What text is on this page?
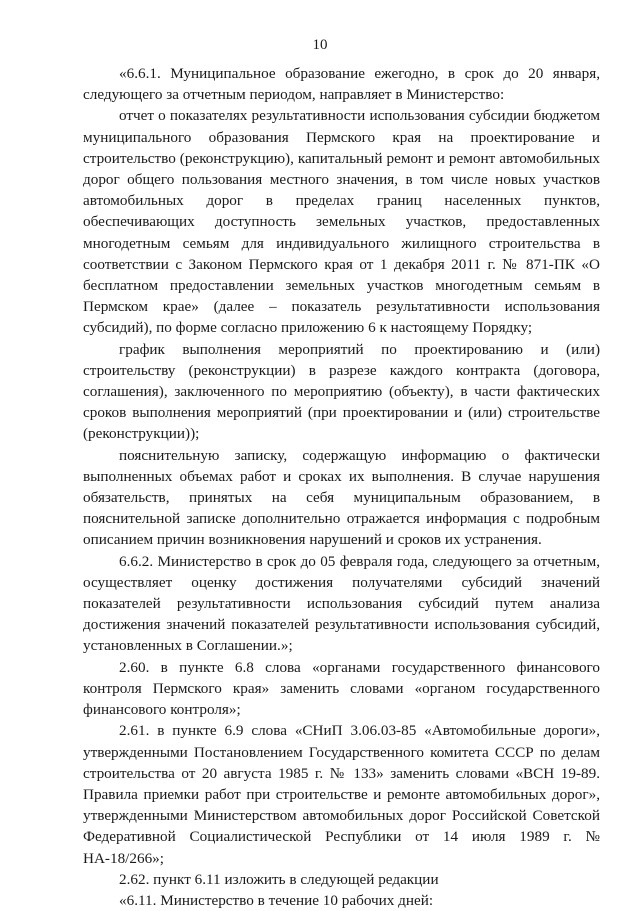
10

«6.6.1. Муниципальное образование ежегодно, в срок до 20 января, следующего за отчетным периодом, направляет в Министерство:

отчет о показателях результативности использования субсидии бюджетом муниципального образования Пермского края на проектирование и строительство (реконструкцию), капитальный ремонт и ремонт автомобильных дорог общего пользования местного значения, в том числе новых участков автомобильных дорог в пределах границ населенных пунктов, обеспечивающих доступность земельных участков, предоставленных многодетным семьям для индивидуального жилищного строительства в соответствии с Законом Пермского края от 1 декабря 2011 г. № 871-ПК «О бесплатном предоставлении земельных участков многодетным семьям в Пермском крае» (далее – показатель результативности использования субсидий), по форме согласно приложению 6 к настоящему Порядку;

график выполнения мероприятий по проектированию и (или) строительству (реконструкции) в разрезе каждого контракта (договора, соглашения), заключенного по мероприятию (объекту), в части фактических сроков выполнения мероприятий (при проектировании и (или) строительстве (реконструкции));

пояснительную записку, содержащую информацию о фактически выполненных объемах работ и сроках их выполнения. В случае нарушения обязательств, принятых на себя муниципальным образованием, в пояснительной записке дополнительно отражается информация с подробным описанием причин возникновения нарушений и сроков их устранения.

6.6.2. Министерство в срок до 05 февраля года, следующего за отчетным, осуществляет оценку достижения получателями субсидий значений показателей результативности использования субсидий путем анализа достижения значений показателей результативности использования субсидий, установленных в Соглашении.»;

2.60. в пункте 6.8 слова «органами государственного финансового контроля Пермского края» заменить словами «органом государственного финансового контроля»;

2.61. в пункте 6.9 слова «СНиП 3.06.03-85 «Автомобильные дороги», утвержденными Постановлением Государственного комитета СССР по делам строительства от 20 августа 1985 г. № 133» заменить словами «ВСН 19-89. Правила приемки работ при строительстве и ремонте автомобильных дорог», утвержденными Министерством автомобильных дорог Российской Советской Федеративной Социалистической Республики от 14 июля 1989 г. № НА-18/266»;

2.62. пункт 6.11 изложить в следующей редакции

«6.11. Министерство в течение 10 рабочих дней:
